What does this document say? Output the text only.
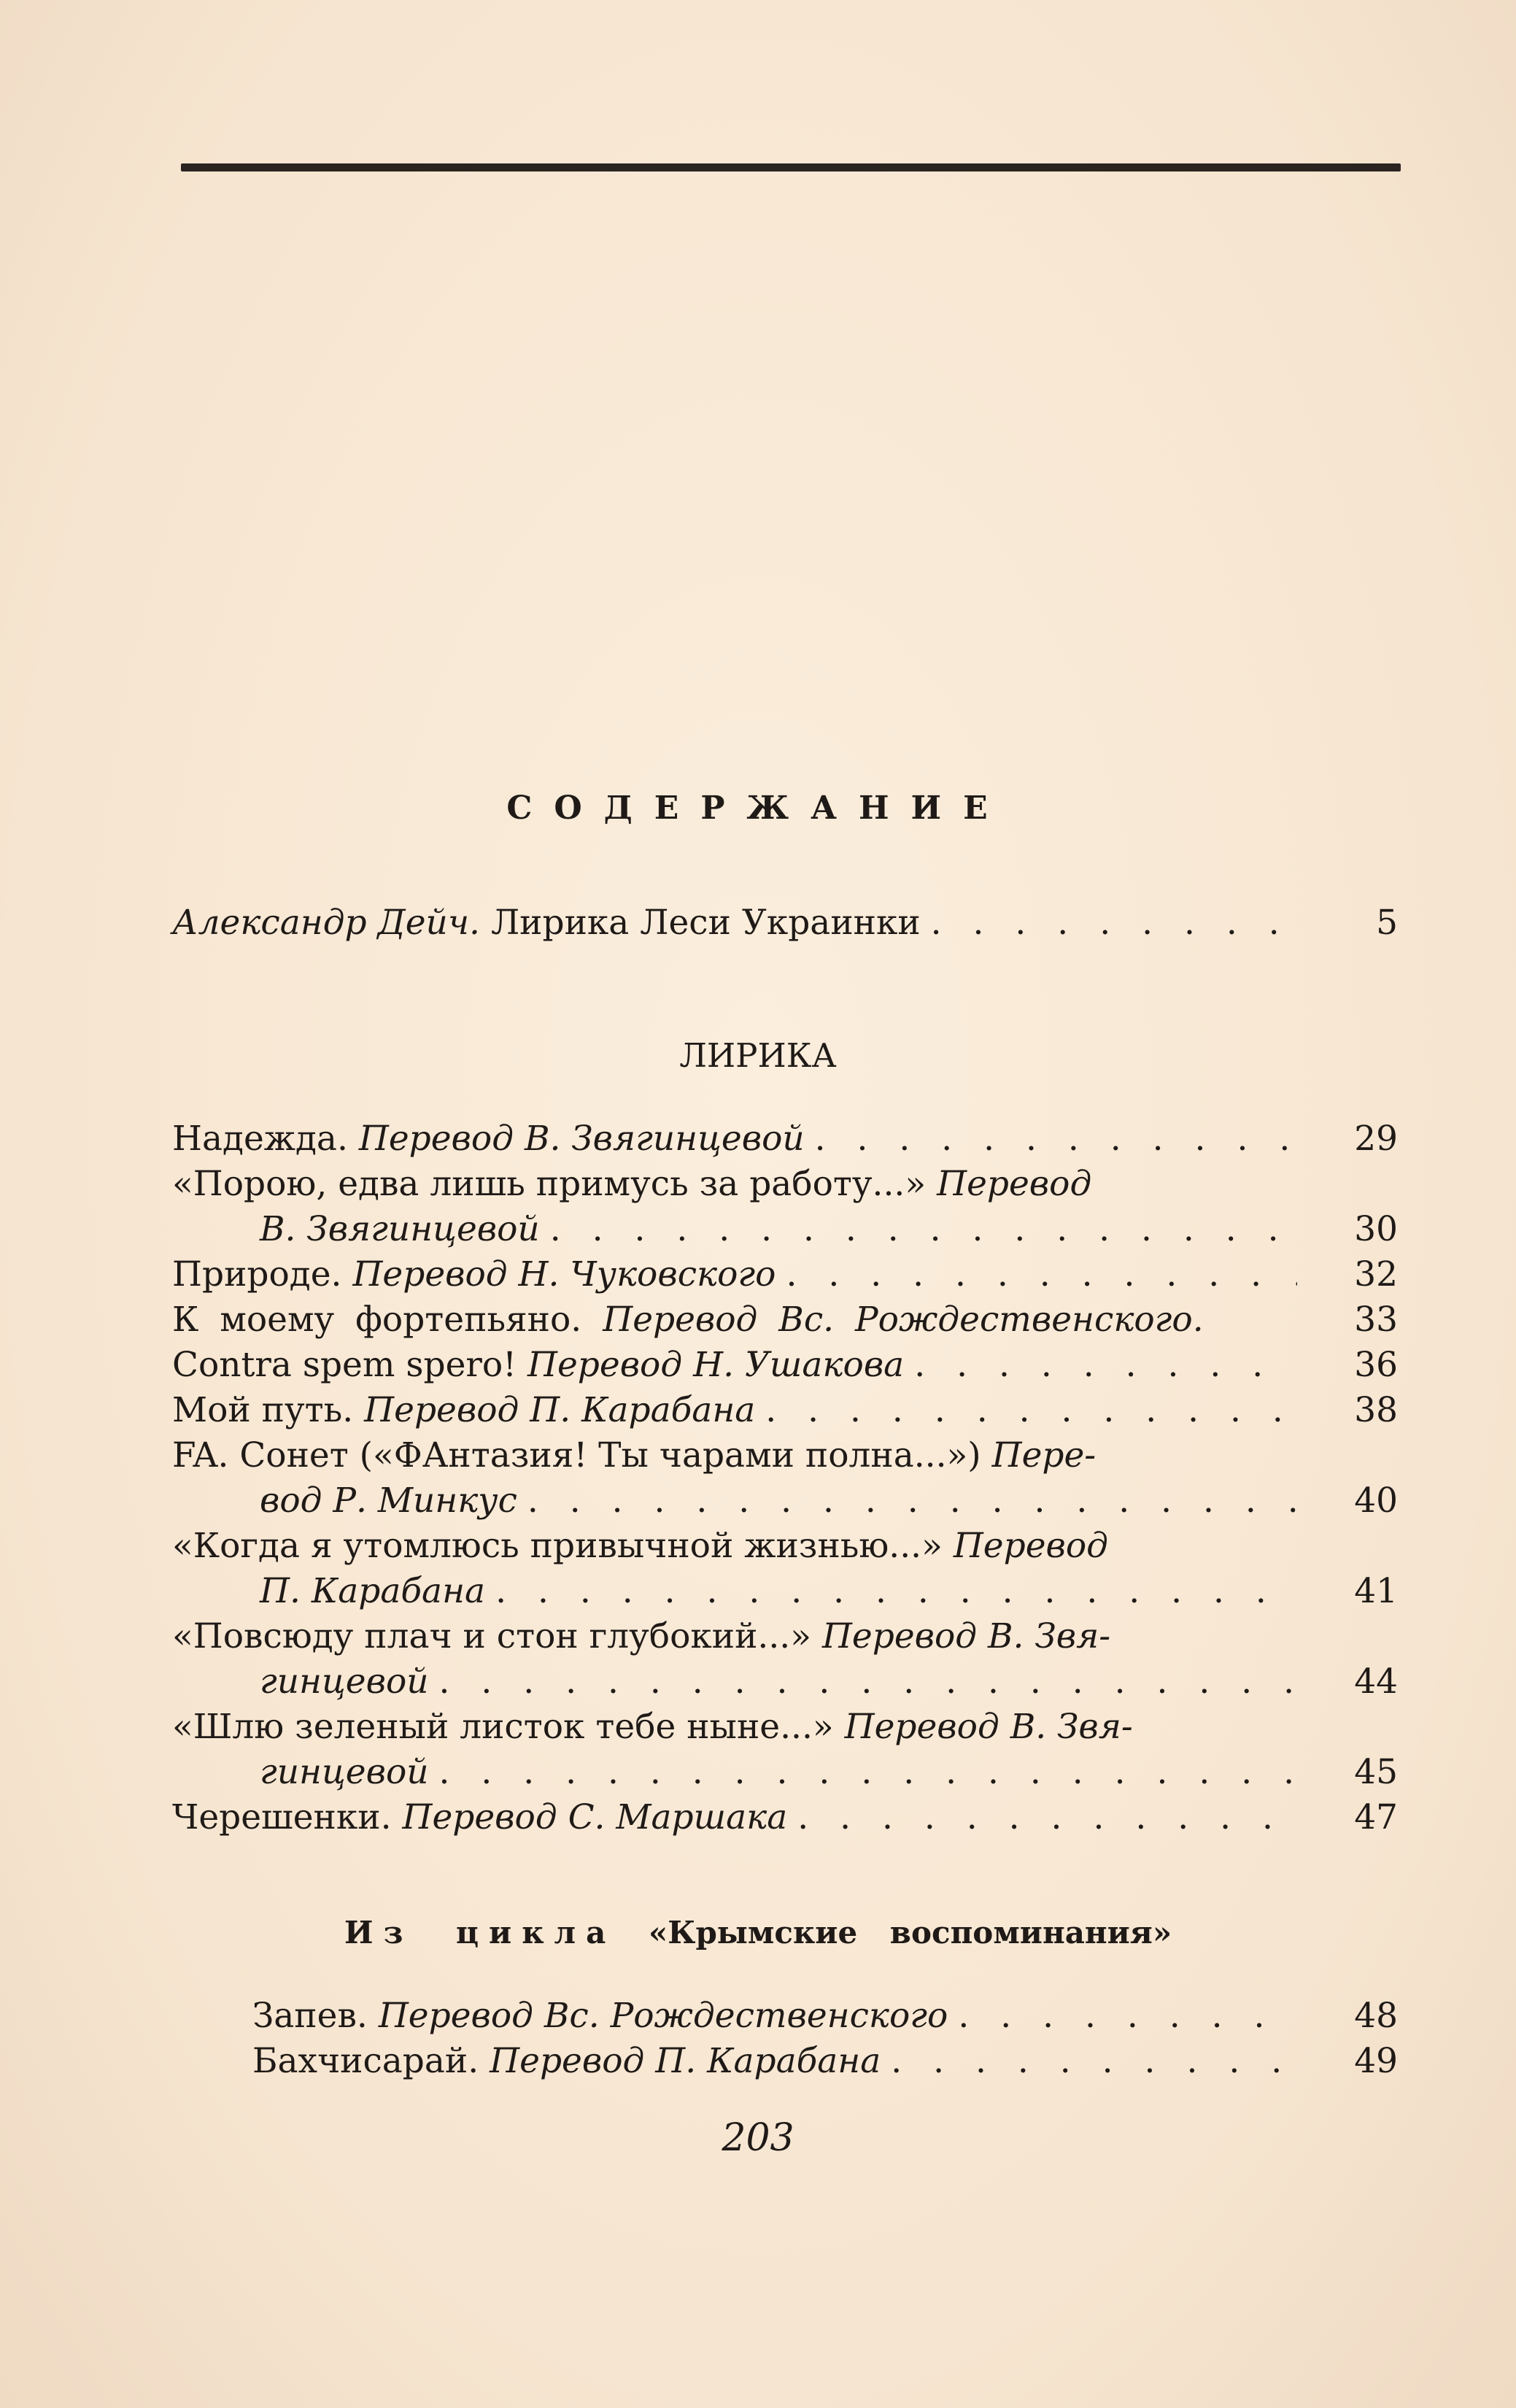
СОДЕРЖАНИЕ
Александр Дейч. Лирика Леси Украинки . . .	5
ЛИРИКА
Надежда. Перевод В. Звягинцевой . . .	29
«Порою, едва лишь примусь за работу...» Перевод
В. Звягинцевой . . .	30
Природе. Перевод Н. Чуковского . . .	32
К моему фортепьяно. Перевод Вс. Рождественского.	33
Contra spem spero! Перевод Н. Ушакова . . .	36
Мой путь. Перевод П. Карабана . . .	38
FA. Сонет («ФАнтазия! Ты чарами полна...») Пере-
вод Р. Минкус . . .	40
«Когда я утомлюсь привычной жизнью...» Перевод
П. Карабана . . .	41
«Повсюду плач и стон глубокий...» Перевод В. Звя-
гинцевой . . .	44
«Шлю зеленый листок тебе ныне...» Перевод В. Звя-
гинцевой . . .	45
Черешенки. Перевод С. Маршака . . .	47
Из цикла «Крымские воспоминания»
Запев. Перевод Вс. Рождественского . . .	48
Бахчисарай. Перевод П. Карабана . . .	49
203
